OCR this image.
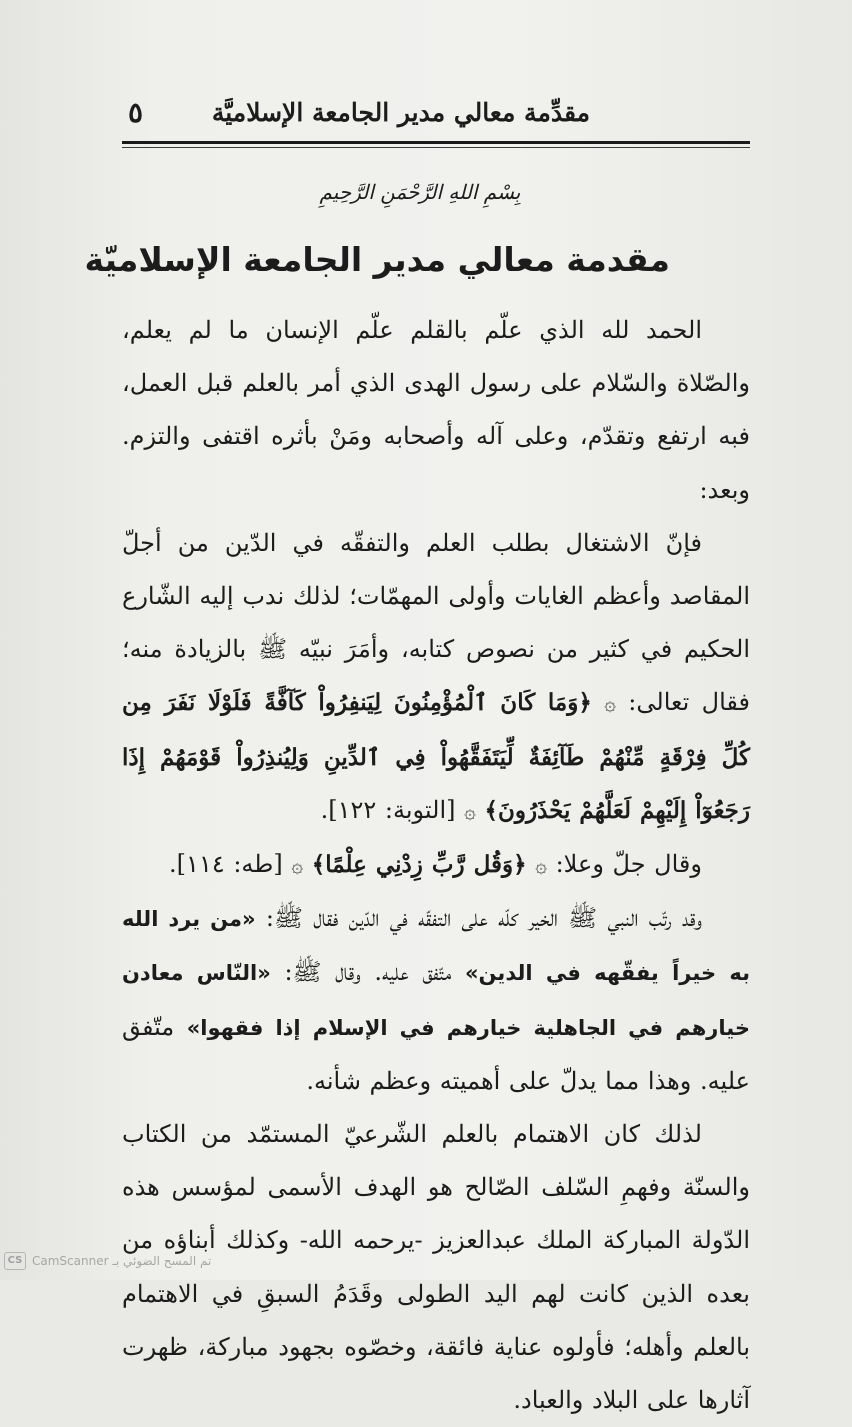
مقدِّمة معالي مدير الجامعة الإسلاميَّة
٥
بِسْمِ اللهِ الرَّحْمَنِ الرَّحِيمِ
مقدمة معالي مدير الجامعة الإسلاميّة

الحمد لله الذي علّم بالقلم علّم الإنسان ما لم يعلم، والصّلاة والسّلام على رسول الهدى الذي أمر بالعلم قبل العمل، فبه ارتفع وتقدّم، وعلى آله وأصحابه ومَنْ بأثره اقتفى والتزم. وبعد:

فإنّ الاشتغال بطلب العلم والتفقّه في الدّين من أجلّ المقاصد وأعظم الغايات وأولى المهمّات؛ لذلك ندب إليه الشّارع الحكيم في كثير من نصوص كتابه، وأمَرَ نبيّه ﷺ بالزيادة منه؛ فقال تعالى: ۞ ﴿وَمَا كَانَ ٱلْمُؤْمِنُونَ لِيَنفِرُواْ كَآفَّةً فَلَوْلَا نَفَرَ مِن كُلِّ فِرْقَةٍ مِّنْهُمْ طَآئِفَةٌ لِّيَتَفَقَّهُواْ فِي ٱلدِّينِ وَلِيُنذِرُواْ قَوْمَهُمْ إِذَا رَجَعُوٓاْ إِلَيْهِمْ لَعَلَّهُمْ يَحْذَرُونَ﴾ ۞ [التوبة: ١٢٢].

وقال جلّ وعلا: ۞ ﴿وَقُل رَّبِّ زِدْنِي عِلْمًا﴾ ۞ [طه: ١١٤].

وقد رتّب النبي ﷺ الخير كلّه على التفقّه في الدّين فقال ﷺ: «من يرد الله به خيراً يفقّهه في الدين» متّفق عليه. وقال ﷺ: «النّاس معادن خيارهم في الجاهلية خيارهم في الإسلام إذا فقهوا» متّفق عليه. وهذا مما يدلّ على أهميته وعظم شأنه.

لذلك كان الاهتمام بالعلم الشّرعيّ المستمّد من الكتاب والسنّة وفهمِ السّلف الصّالح هو الهدف الأسمى لمؤسس هذه الدّولة المباركة الملك عبدالعزيز -يرحمه الله- وكذلك أبناؤه من بعده الذين كانت لهم اليد الطولى وقَدَمُ السبقِ في الاهتمام بالعلم وأهله؛ فأولوه عناية فائقة، وخصّوه بجهود مباركة، ظهرت آثارها على البلاد والعباد.

CS تم المسح الضوئي بـ CamScanner
